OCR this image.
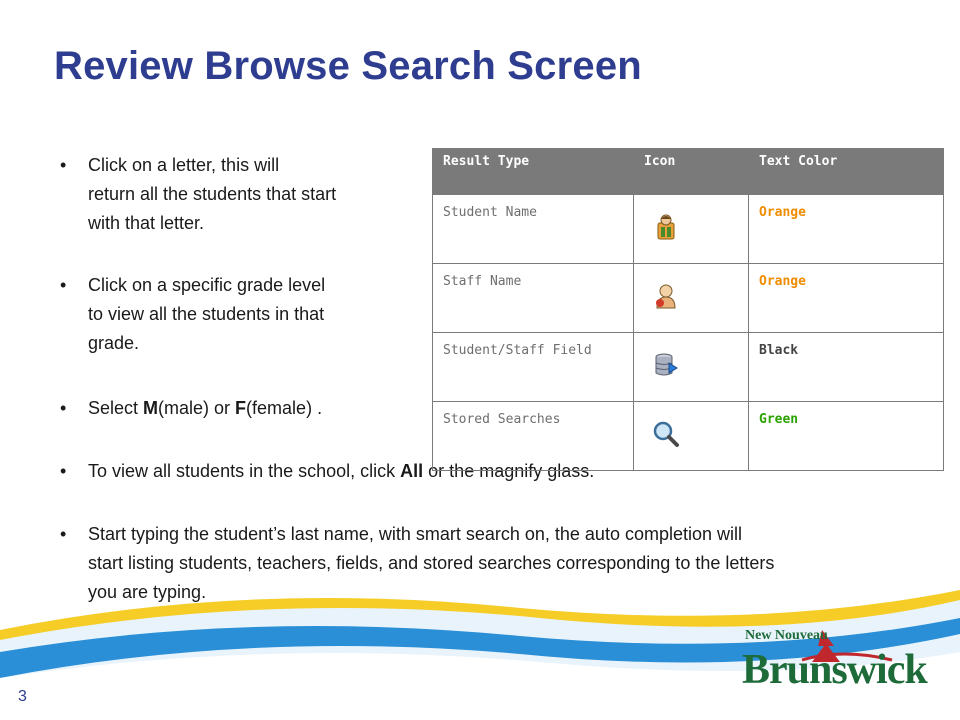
Review Browse Search Screen
• Click on a letter, this will
return all the students that start
with that letter.
• Click on a specific grade level
to view all the students in that
grade.
• Select M(male) or F(female) .
• To view all students in the school, click All or the magnify glass.
• Start typing the student’s last name, with smart search on, the auto completion will
start listing students, teachers, fields, and stored searches corresponding to the letters
you are typing.
Result Type	Icon	Text Color
Student Name		Orange
Staff Name		Orange
Student/Staff Field		Black
Stored Searches		Green
3
New Nouveau
Brunswick
